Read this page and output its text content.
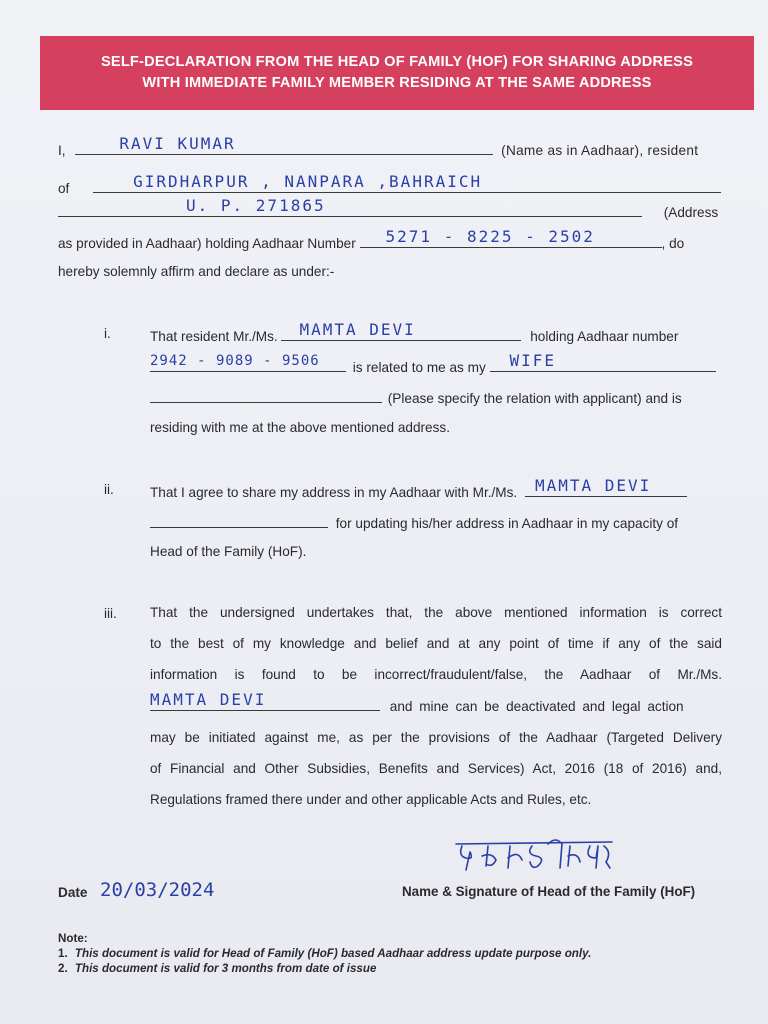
SELF-DECLARATION FROM THE HEAD OF FAMILY (HOF) FOR SHARING ADDRESS
WITH IMMEDIATE FAMILY MEMBER RESIDING AT THE SAME ADDRESS
I,	RAVI KUMAR	(Name as in Aadhaar), resident
of	GIRDHARPUR , NANPARA ,BAHRAICH
U. P. 271865	(Address
as provided in Aadhaar) holding Aadhaar Number 5271 - 8225 - 2502	, do
hereby solemnly affirm and declare as under:-
i.	That resident Mr./Ms. MAMTA DEVI	holding Aadhaar number
2942 - 9089 - 9506 is related to me as my WIFE
(Please specify the relation with applicant) and is
residing with me at the above mentioned address.
ii.	That I agree to share my address in my Aadhaar with Mr./Ms. MAMTA DEVI
for updating his/her address in Aadhaar in my capacity of
Head of the Family (HoF).
iii. That the undersigned undertakes that, the above mentioned information is correct
to the best of my knowledge and belief and at any point of time if any of the said
information is found to be incorrect/fraudulent/false, the Aadhaar of Mr./Ms.
MAMTA DEVI	and mine can be deactivated and legal action
may be initiated against me, as per the provisions of the Aadhaar (Targeted Delivery
of Financial and Other Subsidies, Benefits and Services) Act, 2016 (18 of 2016) and,
Regulations framed there under and other applicable Acts and Rules, etc.
Date 20/03/2024	Name & Signature of Head of the Family (HoF)
Note:
1. This document is valid for Head of Family (HoF) based Aadhaar address update purpose only.
2. This document is valid for 3 months from date of issue
